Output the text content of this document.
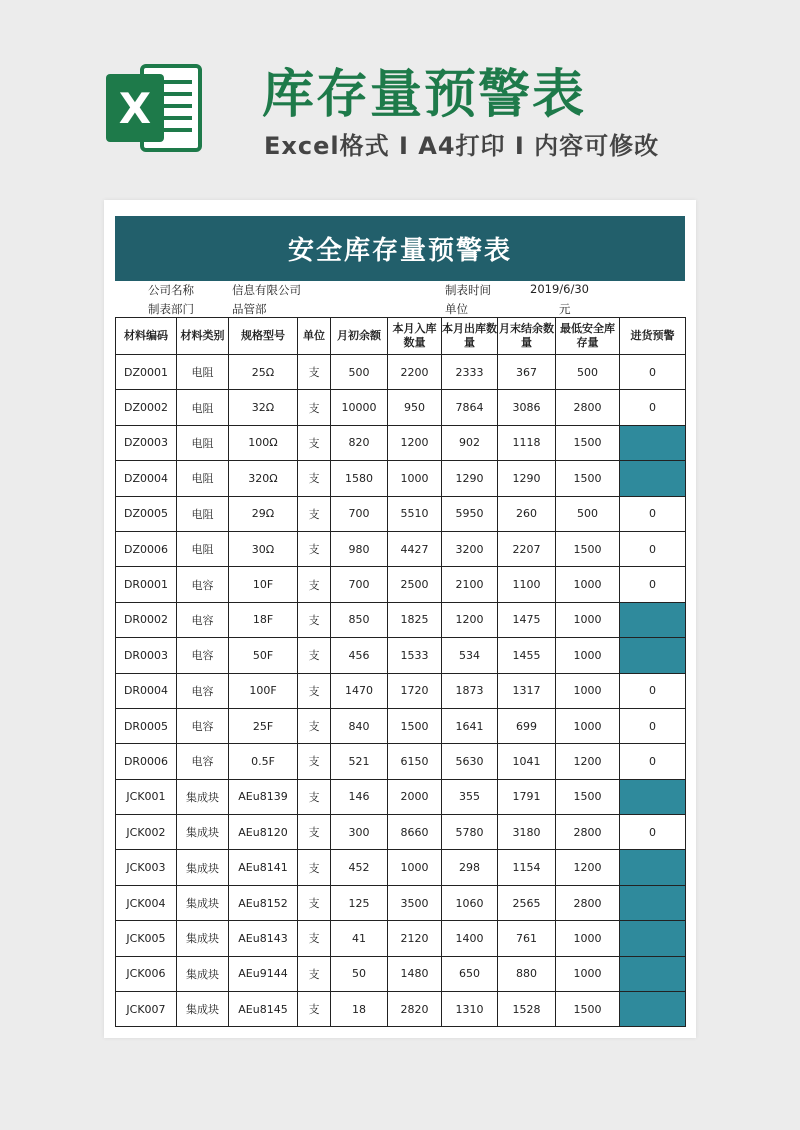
X 库存量预警表
Excel格式 Ⅰ A4打印 Ⅰ 内容可修改
安全库存量预警表
公司名称	信息有限公司	制表时间	2019/6/30
制表部门	品管部	单位	元
材料编码	材料类别	规格型号	单位	月初余额	本月入库数量	本月出库数量	月末结余数量	最低安全库存量	进货预警
DZ0001	电阻	25Ω	支	500	2200	2333	367	500	0
DZ0002	电阻	32Ω	支	10000	950	7864	3086	2800	0
DZ0003	电阻	100Ω	支	820	1200	902	1118	1500	
DZ0004	电阻	320Ω	支	1580	1000	1290	1290	1500	
DZ0005	电阻	29Ω	支	700	5510	5950	260	500	0
DZ0006	电阻	30Ω	支	980	4427	3200	2207	1500	0
DR0001	电容	10F	支	700	2500	2100	1100	1000	0
DR0002	电容	18F	支	850	1825	1200	1475	1000	
DR0003	电容	50F	支	456	1533	534	1455	1000	
DR0004	电容	100F	支	1470	1720	1873	1317	1000	0
DR0005	电容	25F	支	840	1500	1641	699	1000	0
DR0006	电容	0.5F	支	521	6150	5630	1041	1200	0
JCK001	集成块	AEu8139	支	146	2000	355	1791	1500	
JCK002	集成块	AEu8120	支	300	8660	5780	3180	2800	0
JCK003	集成块	AEu8141	支	452	1000	298	1154	1200	
JCK004	集成块	AEu8152	支	125	3500	1060	2565	2800	
JCK005	集成块	AEu8143	支	41	2120	1400	761	1000	
JCK006	集成块	AEu9144	支	50	1480	650	880	1000	
JCK007	集成块	AEu8145	支	18	2820	1310	1528	1500	
